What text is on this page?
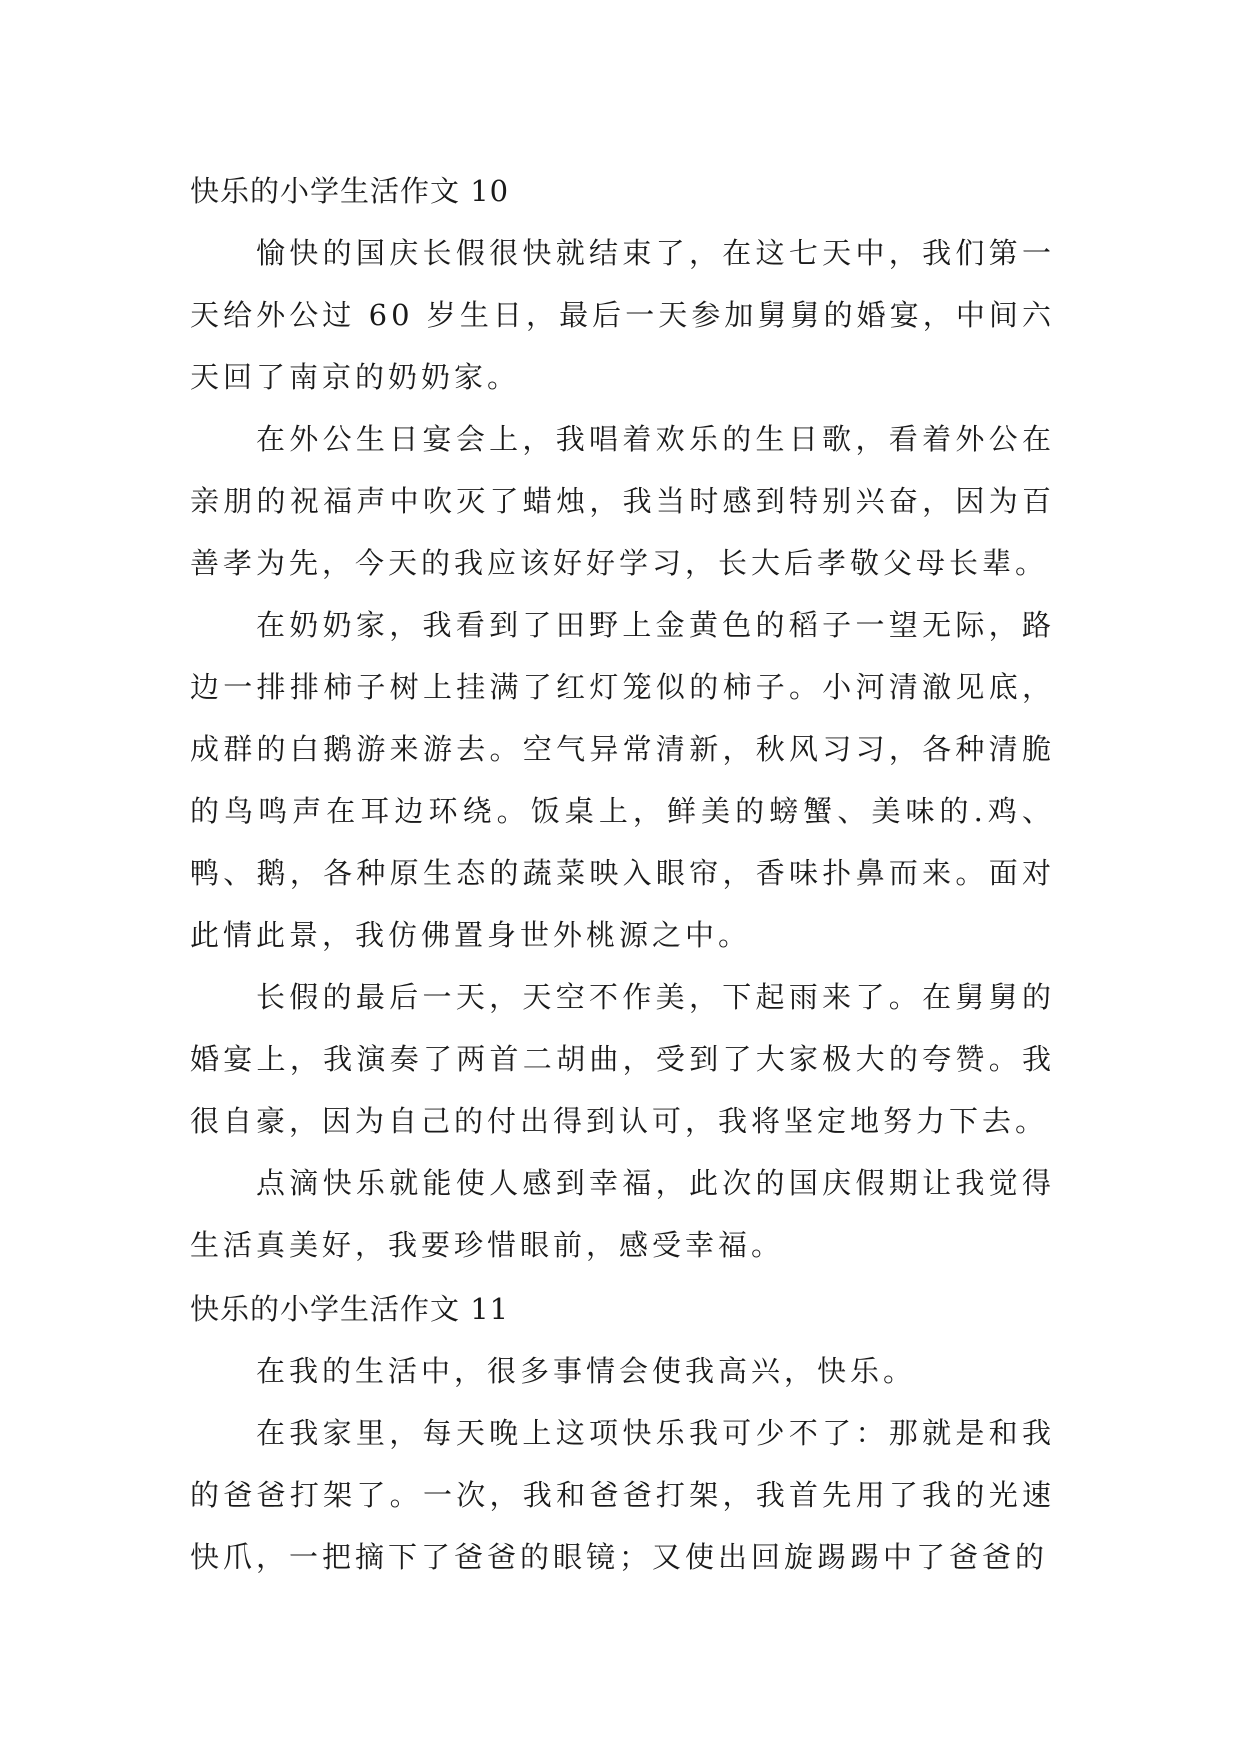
快乐的小学生活作文 10

愉快的国庆长假很快就结束了，在这七天中，我们第一天给外公过 60 岁生日，最后一天参加舅舅的婚宴，中间六天回了南京的奶奶家。

在外公生日宴会上，我唱着欢乐的生日歌，看着外公在亲朋的祝福声中吹灭了蜡烛，我当时感到特别兴奋，因为百善孝为先，今天的我应该好好学习，长大后孝敬父母长辈。

在奶奶家，我看到了田野上金黄色的稻子一望无际，路边一排排柿子树上挂满了红灯笼似的柿子。小河清澈见底，成群的白鹅游来游去。空气异常清新，秋风习习，各种清脆的鸟鸣声在耳边环绕。饭桌上，鲜美的螃蟹、美味的.鸡、鸭、鹅，各种原生态的蔬菜映入眼帘，香味扑鼻而来。面对此情此景，我仿佛置身世外桃源之中。

长假的最后一天，天空不作美，下起雨来了。在舅舅的婚宴上，我演奏了两首二胡曲，受到了大家极大的夸赞。我很自豪，因为自己的付出得到认可，我将坚定地努力下去。

点滴快乐就能使人感到幸福，此次的国庆假期让我觉得生活真美好，我要珍惜眼前，感受幸福。

快乐的小学生活作文 11

在我的生活中，很多事情会使我高兴，快乐。

在我家里，每天晚上这项快乐我可少不了：那就是和我的爸爸打架了。一次，我和爸爸打架，我首先用了我的光速快爪，一把摘下了爸爸的眼镜；又使出回旋踢踢中了爸爸的
